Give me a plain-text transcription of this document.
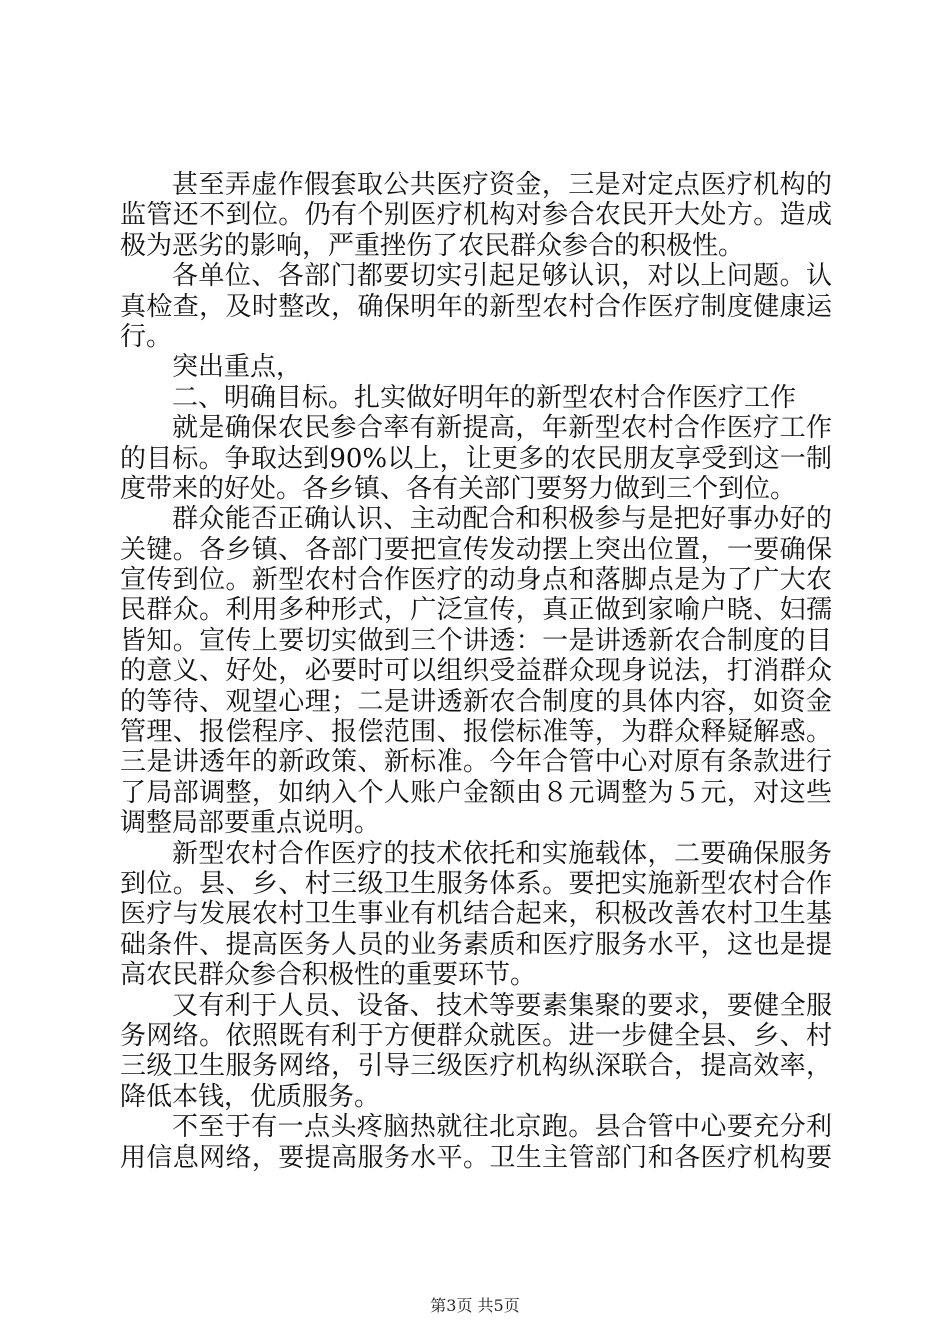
甚至弄虚作假套取公共医疗资金，三是对定点医疗机构的
监管还不到位。仍有个别医疗机构对参合农民开大处方。造成
极为恶劣的影响，严重挫伤了农民群众参合的积极性。
各单位、各部门都要切实引起足够认识，对以上问题。认
真检查，及时整改，确保明年的新型农村合作医疗制度健康运
行。
突出重点，
二、明确目标。扎实做好明年的新型农村合作医疗工作
就是确保农民参合率有新提高，年新型农村合作医疗工作
的目标。争取达到90%以上，让更多的农民朋友享受到这一制
度带来的好处。各乡镇、各有关部门要努力做到三个到位。
群众能否正确认识、主动配合和积极参与是把好事办好的
关键。各乡镇、各部门要把宣传发动摆上突出位置，一要确保
宣传到位。新型农村合作医疗的动身点和落脚点是为了广大农
民群众。利用多种形式，广泛宣传，真正做到家喻户晓、妇孺
皆知。宣传上要切实做到三个讲透：一是讲透新农合制度的目
的意义、好处，必要时可以组织受益群众现身说法，打消群众
的等待、观望心理；二是讲透新农合制度的具体内容，如资金
管理、报偿程序、报偿范围、报偿标准等，为群众释疑解惑。
三是讲透年的新政策、新标准。今年合管中心对原有条款进行
了局部调整，如纳入个人账户金额由８元调整为５元，对这些
调整局部要重点说明。
新型农村合作医疗的技术依托和实施载体，二要确保服务
到位。县、乡、村三级卫生服务体系。要把实施新型农村合作
医疗与发展农村卫生事业有机结合起来，积极改善农村卫生基
础条件、提高医务人员的业务素质和医疗服务水平，这也是提
高农民群众参合积极性的重要环节。
又有利于人员、设备、技术等要素集聚的要求，要健全服
务网络。依照既有利于方便群众就医。进一步健全县、乡、村
三级卫生服务网络，引导三级医疗机构纵深联合，提高效率，
降低本钱，优质服务。
不至于有一点头疼脑热就往北京跑。县合管中心要充分利
用信息网络，要提高服务水平。卫生主管部门和各医疗机构要
第3页 共5页
